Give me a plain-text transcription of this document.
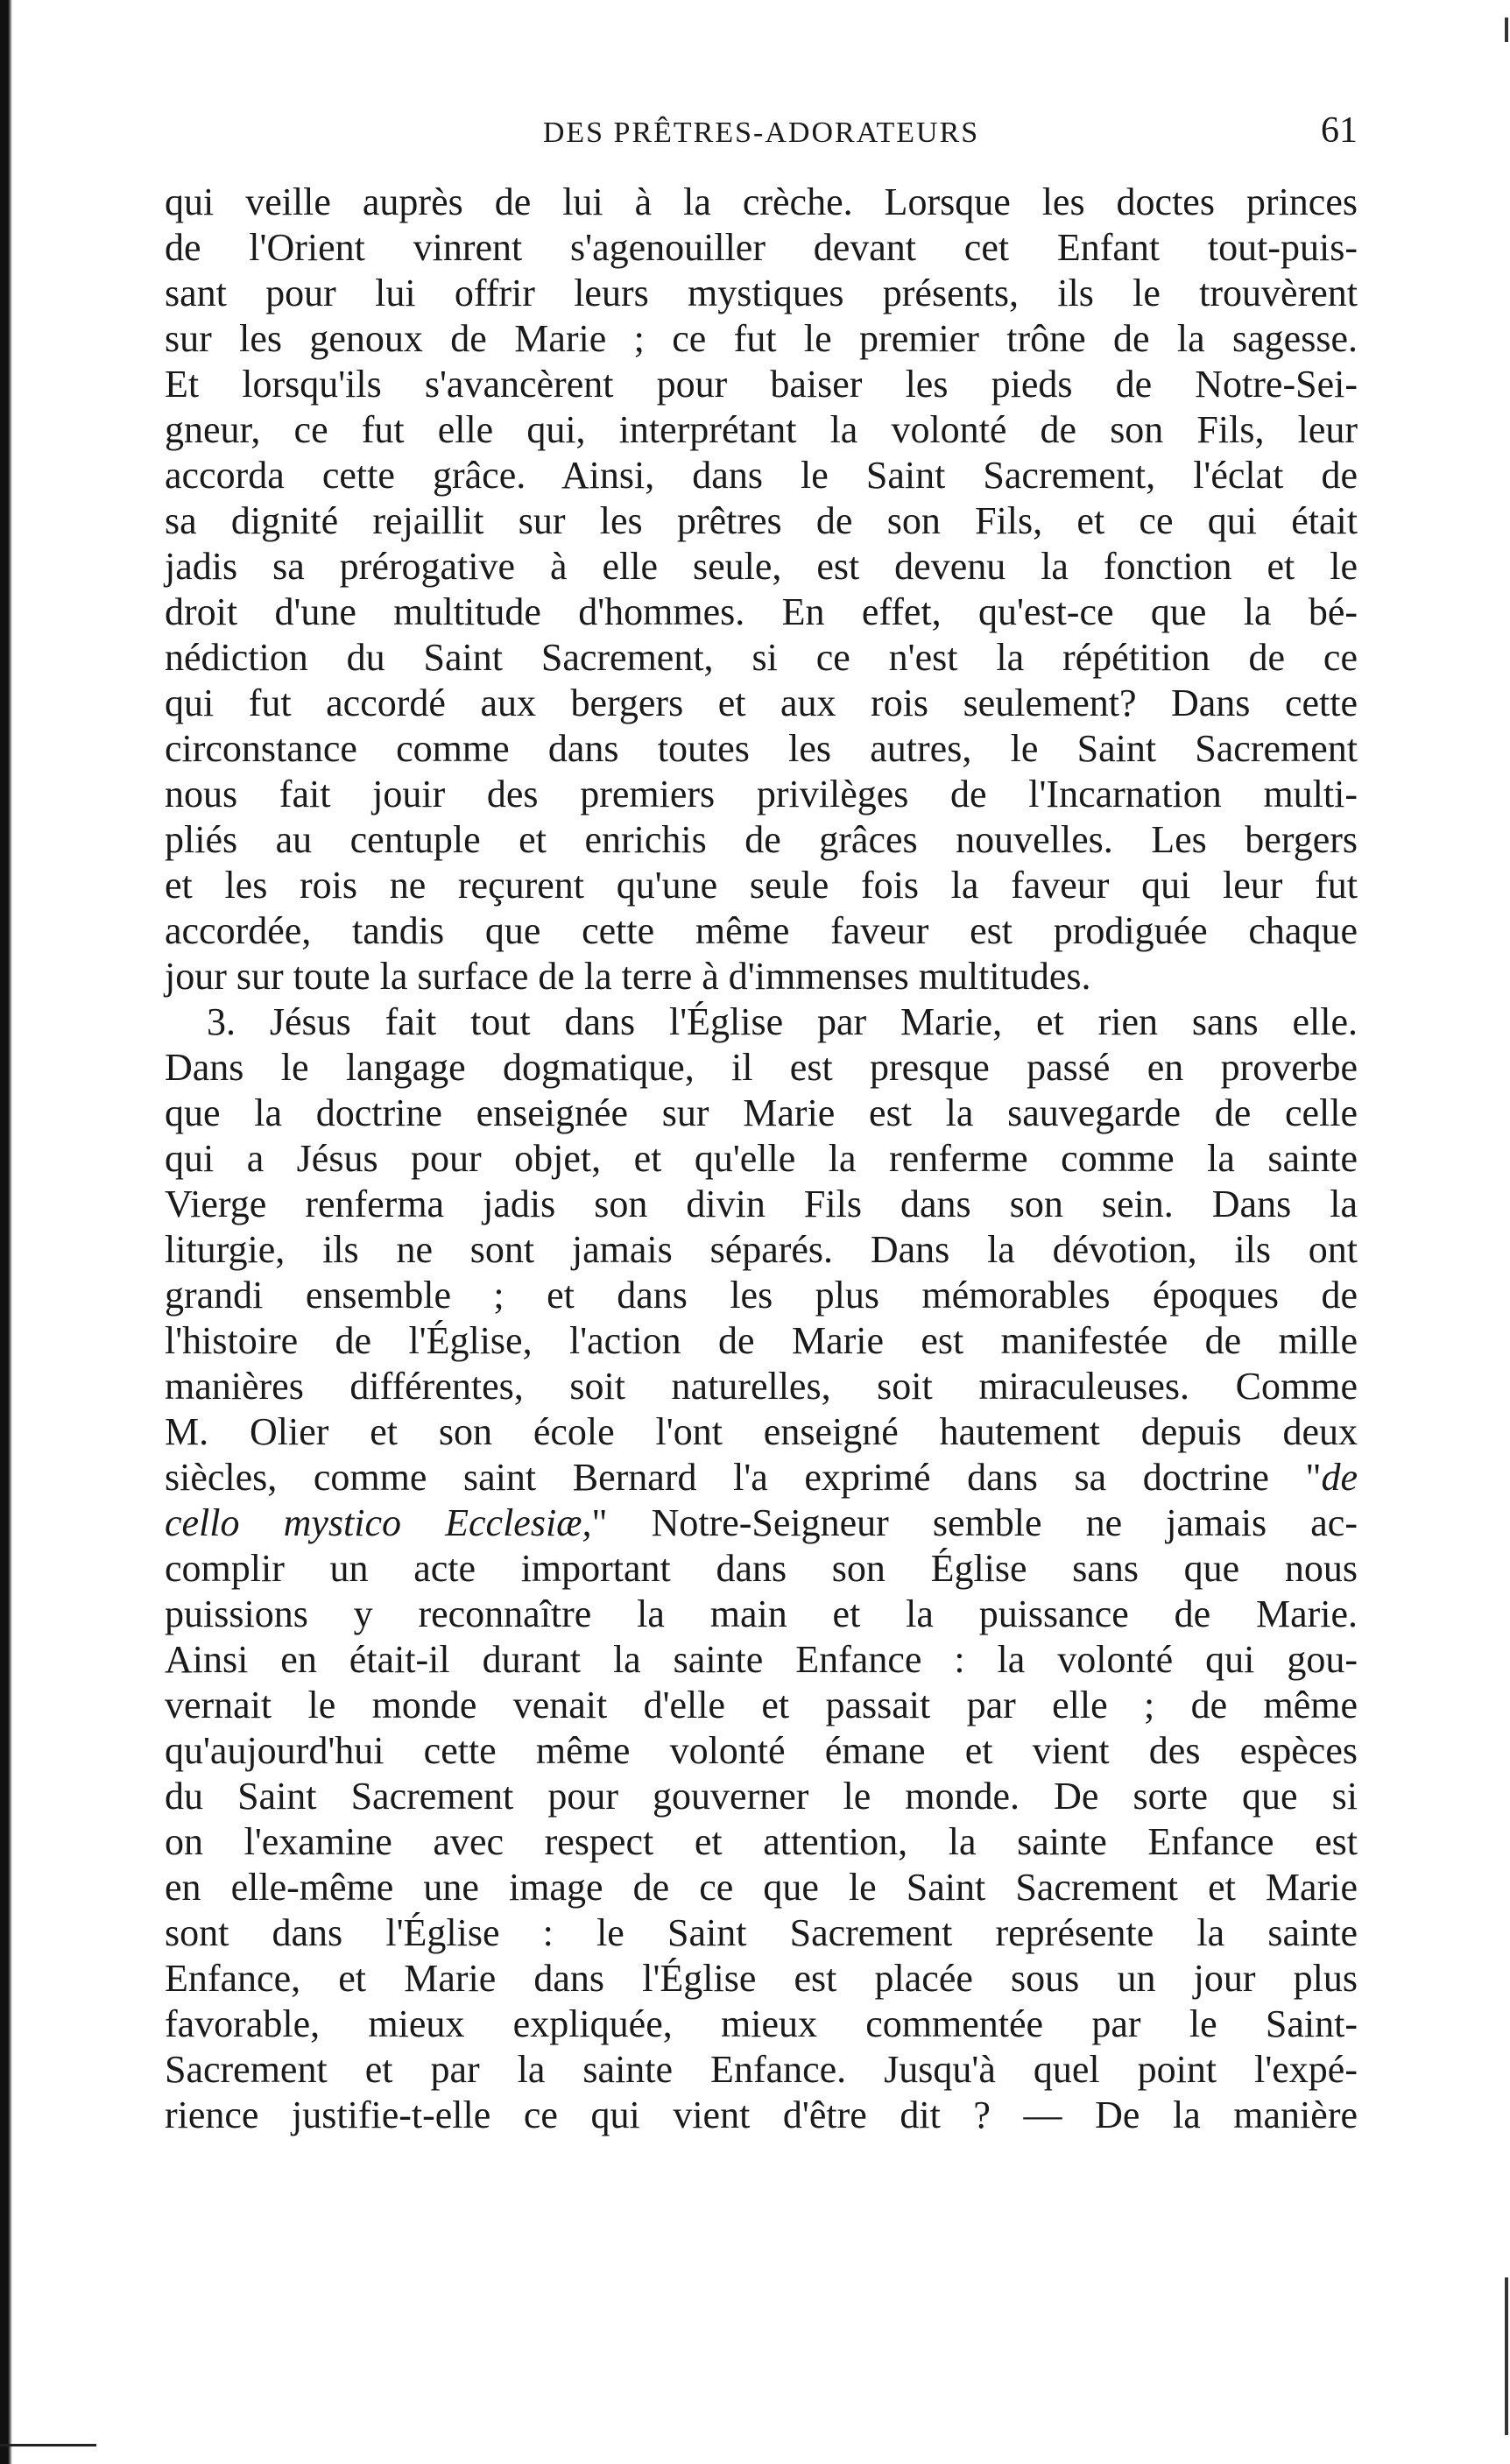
DES PRÊTRES-ADORATEURS	61
qui veille auprès de lui à la crèche. Lorsque les doctes princes
de l'Orient vinrent s'agenouiller devant cet Enfant tout-puis-
sant pour lui offrir leurs mystiques présents, ils le trouvèrent
sur les genoux de Marie ; ce fut le premier trône de la sagesse.
Et lorsqu'ils s'avancèrent pour baiser les pieds de Notre-Sei-
gneur, ce fut elle qui, interprétant la volonté de son Fils, leur
accorda cette grâce. Ainsi, dans le Saint Sacrement, l'éclat de
sa dignité rejaillit sur les prêtres de son Fils, et ce qui était
jadis sa prérogative à elle seule, est devenu la fonction et le
droit d'une multitude d'hommes. En effet, qu'est-ce que la bé-
nédiction du Saint Sacrement, si ce n'est la répétition de ce
qui fut accordé aux bergers et aux rois seulement? Dans cette
circonstance comme dans toutes les autres, le Saint Sacrement
nous fait jouir des premiers privilèges de l'Incarnation multi-
pliés au centuple et enrichis de grâces nouvelles. Les bergers
et les rois ne reçurent qu'une seule fois la faveur qui leur fut
accordée, tandis que cette même faveur est prodiguée chaque
jour sur toute la surface de la terre à d'immenses multitudes.
3. Jésus fait tout dans l'Église par Marie, et rien sans elle.
Dans le langage dogmatique, il est presque passé en proverbe
que la doctrine enseignée sur Marie est la sauvegarde de celle
qui a Jésus pour objet, et qu'elle la renferme comme la sainte
Vierge renferma jadis son divin Fils dans son sein. Dans la
liturgie, ils ne sont jamais séparés. Dans la dévotion, ils ont
grandi ensemble ; et dans les plus mémorables époques de
l'histoire de l'Église, l'action de Marie est manifestée de mille
manières différentes, soit naturelles, soit miraculeuses. Comme
M. Olier et son école l'ont enseigné hautement depuis deux
siècles, comme saint Bernard l'a exprimé dans sa doctrine "de
cello mystico Ecclesiæ," Notre-Seigneur semble ne jamais ac-
complir un acte important dans son Église sans que nous
puissions y reconnaître la main et la puissance de Marie.
Ainsi en était-il durant la sainte Enfance : la volonté qui gou-
vernait le monde venait d'elle et passait par elle ; de même
qu'aujourd'hui cette même volonté émane et vient des espèces
du Saint Sacrement pour gouverner le monde. De sorte que si
on l'examine avec respect et attention, la sainte Enfance est
en elle-même une image de ce que le Saint Sacrement et Marie
sont dans l'Église : le Saint Sacrement représente la sainte
Enfance, et Marie dans l'Église est placée sous un jour plus
favorable, mieux expliquée, mieux commentée par le Saint-
Sacrement et par la sainte Enfance. Jusqu'à quel point l'expé-
rience justifie-t-elle ce qui vient d'être dit ? — De la manière
